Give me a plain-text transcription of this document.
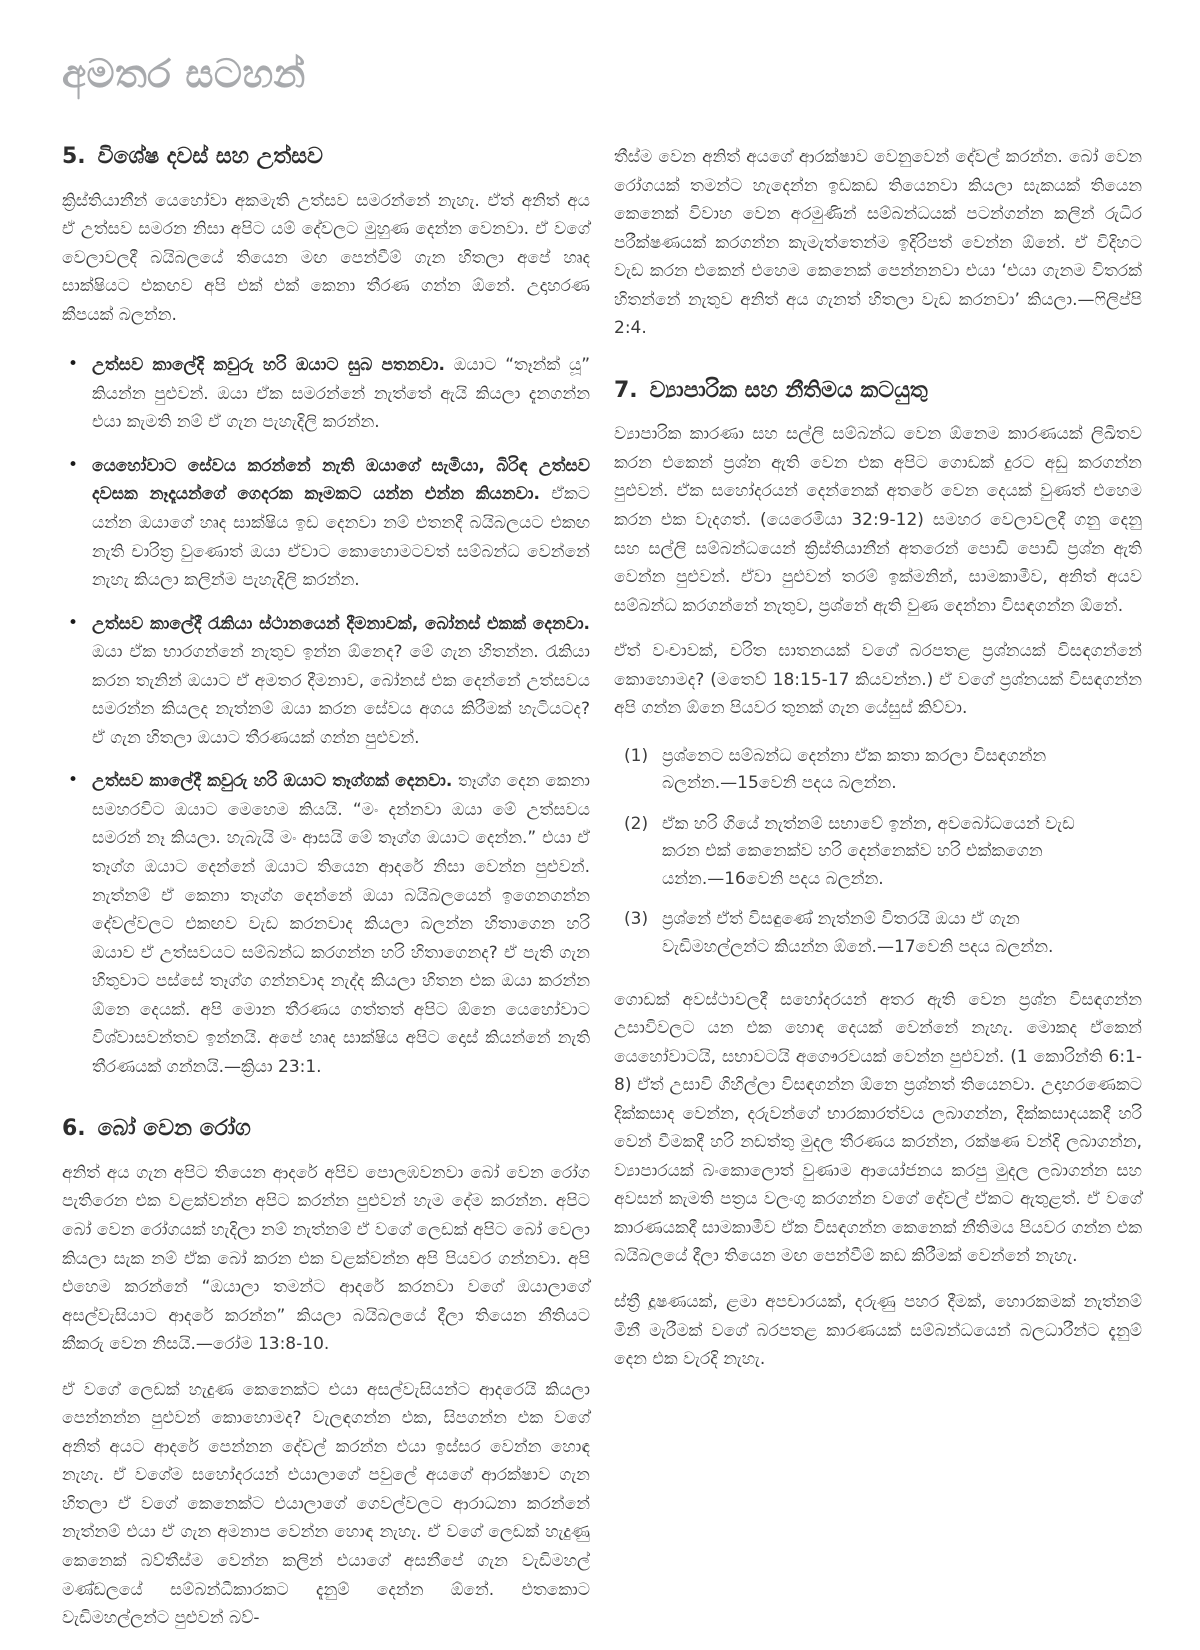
අමතර සටහන්
5. විශේෂ දවස් සහ උත්සව

ක්‍රිස්තියානීන් යෙහෝවා අකමැති උත්සව සමරන්නේ නැහැ. ඒත් අනිත් අය ඒ උත්සව සමරන නිසා අපිට යම් දේවලට මුහුණ දෙන්න වෙනවා. ඒ වගේ වෙලාවලදී බයිබලයේ තියෙන මඟ පෙන්වීම් ගැන හිතලා අපේ හෘද සාක්ෂියට එකඟව අපි එක් එක් කෙනා තීරණ ගන්න ඕනේ. උදාහරණ කීපයක් බලන්න.

• උත්සව කාලේදි කවුරු හරි ඔයාට සුබ පතනවා. ඔයාට “තෑන්ක් යූ” කියන්න පුළුවන්. ඔයා ඒක සමරන්නේ නැත්තේ ඇයි කියලා දැනගන්න එයා කැමති නම් ඒ ගැන පැහැදිලි කරන්න.
• යෙහෝවාට සේවය කරන්නේ නැති ඔයාගේ සැමියා, බිරිඳ උත්සව දවසක නෑදෑයන්ගේ ගෙදරක කෑමකට යන්න එන්න කියනවා. ඒකට යන්න ඔයාගේ හෘද සාක්ෂිය ඉඩ දෙනවා නම් එතනදී බයිබලයට එකඟ නැති චාරිත්‍ර වුණොත් ඔයා ඒවාට කොහොමටවත් සම්බන්ධ වෙන්නේ නැහැ කියලා කලින්ම පැහැදිලි කරන්න.
• උත්සව කාලේදී රැකියා ස්ථානයෙන් දීමනාවක්, බෝනස් එකක් දෙනවා. ඔයා ඒක භාරගන්නේ නැතුව ඉන්න ඕනෙද? මේ ගැන හිතන්න. රැකියා කරන තැනින් ඔයාට ඒ අමතර දීමනාව, බෝනස් එක දෙන්නේ උත්සවය සමරන්න කියලද නැත්නම් ඔයා කරන සේවය අගය කිරීමක් හැටියටද? ඒ ගැන හිතලා ඔයාට තීරණයක් ගන්න පුළුවන්.
• උත්සව කාලේදී කවුරු හරි ඔයාට තෑග්ගක් දෙනවා. තෑග්ග දෙන කෙනා සමහරවිට ඔයාට මෙහෙම කියයි. “මං දන්නවා ඔයා මේ උත්සවය සමරන් නෑ කියලා. හැබැයි මං ආසයි මේ තෑග්ග ඔයාට දෙන්න.” එයා ඒ තෑග්ග ඔයාට දෙන්නේ ඔයාට තියෙන ආදරේ නිසා වෙන්න පුළුවන්. නැත්නම් ඒ කෙනා තෑග්ග දෙන්නේ ඔයා බයිබලයෙන් ඉගෙනගන්න දේවල්වලට එකඟව වැඩ කරනවාද කියලා බලන්න හිතාගෙන හරි ඔයාව ඒ උත්සවයට සම්බන්ධ කරගන්න හරි හිතාගෙනද? ඒ පැති ගැන හිතුවාට පස්සේ තෑග්ග ගන්නවාද නැද්ද කියලා හිතන එක ඔයා කරන්න ඕනෙ දෙයක්. අපි මොන තීරණය ගත්තත් අපිට ඕනෙ යෙහෝවාට විශ්වාසවන්තව ඉන්නයි. අපේ හෘද සාක්ෂිය අපිට දොස් කියන්නේ නැති තීරණයක් ගන්නයි.—ක්‍රියා 23:1.
6. බෝ වෙන රෝග

අනිත් අය ගැන අපිට තියෙන ආදරේ අපිව පොලඹවනවා බෝ වෙන රෝග පැතිරෙන එක වළක්වන්න අපිට කරන්න පුළුවන් හැම දේම කරන්න. අපිට බෝ වෙන රෝගයක් හැදිලා නම් නැත්නම් ඒ වගේ ලෙඩක් අපිට බෝ වෙලා කියලා සැක නම් ඒක බෝ කරන එක වළක්වන්න අපි පියවර ගන්නවා. අපි එහෙම කරන්නේ “ඔයාලා තමන්ට ආදරේ කරනවා වගේ ඔයාලාගේ අසල්වැසියාට ආදරේ කරන්න” කියලා බයිබලයේ දීලා තියෙන නීතියට කීකරු වෙන නිසයි.—රෝම 13:8-10.

ඒ වගේ ලෙඩක් හැදුණ කෙනෙක්ට එයා අසල්වැසියන්ට ආදරෙයි කියලා පෙන්නන්න පුළුවන් කොහොමද? වැලඳගන්න එක, සිපගන්න එක වගේ අනිත් අයට ආදරේ පෙන්නන දේවල් කරන්න එයා ඉස්සර වෙන්න හොඳ නැහැ. ඒ වගේම සහෝදරයන් එයාලාගේ පවුලේ අයගේ ආරක්ෂාව ගැන හිතලා ඒ වගේ කෙනෙක්ට එයාලාගේ ගෙවල්වලට ආරාධනා කරන්නේ නැත්නම් එයා ඒ ගැන අමනාප වෙන්න හොඳ නැහැ. ඒ වගේ ලෙඩක් හැදුණු කෙනෙක් බව්තීස්ම වෙන්න කලින් එයාගේ අසනීපේ ගැන වැඩිමහල් මණ්ඩලයේ සම්බන්ධීකාරකට දැනුම් දෙන්න ඕනේ. එතකොට වැඩිමහල්ලන්ට පුළුවන් බව්-

තීස්ම වෙන අනිත් අයගේ ආරක්ෂාව වෙනුවෙන් දේවල් කරන්න. බෝ වෙන රෝගයක් තමන්ට හැදෙන්න ඉඩකඩ තියෙනවා කියලා සැකයක් තියෙන කෙනෙක් විවාහ වෙන අරමුණින් සම්බන්ධයක් පටන්ගන්න කලින් රුධිර පරීක්ෂණයක් කරගන්න කැමැත්තෙන්ම ඉදිරිපත් වෙන්න ඕනේ. ඒ විදිහට වැඩ කරන එකෙන් එහෙම කෙනෙක් පෙන්නනවා එයා ‘එයා ගැනම විතරක් හිතන්නේ නැතුව අනිත් අය ගැනත් හිතලා වැඩ කරනවා’ කියලා.—ෆිලිප්පි 2:4.

7. ව්‍යාපාරික සහ නීතිමය කටයුතු

ව්‍යාපාරික කාරණා සහ සල්ලි සම්බන්ධ වෙන ඕනෙම කාරණයක් ලිඛිතව කරන එකෙන් ප්‍රශ්න ඇති වෙන එක අපිට ගොඩක් දුරට අඩු කරගන්න පුළුවන්. ඒක සහෝදරයන් දෙන්නෙක් අතරේ වෙන දෙයක් වුණත් එහෙම කරන එක වැදගත්. (යෙරෙමියා 32:9-12) සමහර වෙලාවලදී ගනු දෙනු සහ සල්ලි සම්බන්ධයෙන් ක්‍රිස්තියානීන් අතරෙන් පොඩි පොඩි ප්‍රශ්න ඇති වෙන්න පුළුවන්. ඒවා පුළුවන් තරම් ඉක්මනින්, සාමකාමීව, අනිත් අයව සම්බන්ධ කරගන්නේ නැතුව, ප්‍රශ්නේ ඇති වුණ දෙන්නා විසඳගන්න ඕනේ.

ඒත් වංචාවක්, චරිත ඝාතනයක් වගේ බරපතළ ප්‍රශ්නයක් විසඳගන්නේ කොහොමද? (මතෙව් 18:15-17 කියවන්න.) ඒ වගේ ප්‍රශ්නයක් විසඳගන්න අපි ගන්න ඕනෙ පියවර තුනක් ගැන යේසුස් කිව්වා.

(1) ප්‍රශ්නෙට සම්බන්ධ දෙන්නා ඒක කතා කරලා විසඳගන්න බලන්න.—15වෙනි පදය බලන්න.
(2) ඒක හරි ගියේ නැත්නම් සභාවේ ඉන්න, අවබෝධයෙන් වැඩ කරන එක් කෙනෙක්ව හරි දෙන්නෙක්ව හරි එක්කගෙන යන්න.—16වෙනි පදය බලන්න.
(3) ප්‍රශ්නේ ඒත් විසඳුණේ නැත්නම් විතරයි ඔයා ඒ ගැන වැඩිමහල්ලන්ට කියන්න ඕනේ.—17වෙනි පදය බලන්න.

ගොඩක් අවස්ථාවලදී සහෝදරයන් අතර ඇති වෙන ප්‍රශ්න විසඳගන්න උසාවිවලට යන එක හොඳ දෙයක් වෙන්නේ නැහැ. මොකද ඒකෙන් යෙහෝවාටයි, සභාවටයි අගෞරවයක් වෙන්න පුළුවන්. (1 කොරින්ති 6:1-8) ඒත් උසාවි ගිහිල්ලා විසඳගන්න ඕනෙ ප්‍රශ්නත් තියෙනවා. උදාහරණෙකට දික්කසාද වෙන්න, දරුවන්ගේ භාරකාරත්වය ලබාගන්න, දික්කසාදයකදී හරි වෙන් වීමකදී හරි නඩත්තු මුදල තීරණය කරන්න, රක්ෂණ වන්දි ලබාගන්න, ව්‍යාපාරයක් බංකොලොත් වුණාම ආයෝජනය කරපු මුදල ලබාගන්න සහ අවසන් කැමති පත්‍රය වලංගු කරගන්න වගේ දේවල් ඒකට ඇතුළත්. ඒ වගේ කාරණයකදී සාමකාමීව ඒක විසඳගන්න කෙනෙක් නීතිමය පියවර ගන්න එක බයිබලයේ දීලා තියෙන මඟ පෙන්වීම් කඩ කිරීමක් වෙන්නේ නැහැ.

ස්ත්‍රී දූෂණයක්, ළමා අපචාරයක්, දරුණු පහර දීමක්, හොරකමක් නැත්නම් මිනී මැරීමක් වගේ බරපතළ කාරණයක් සම්බන්ධයෙන් බලධාරීන්ට දැනුම් දෙන එක වැරදි නැහැ.
